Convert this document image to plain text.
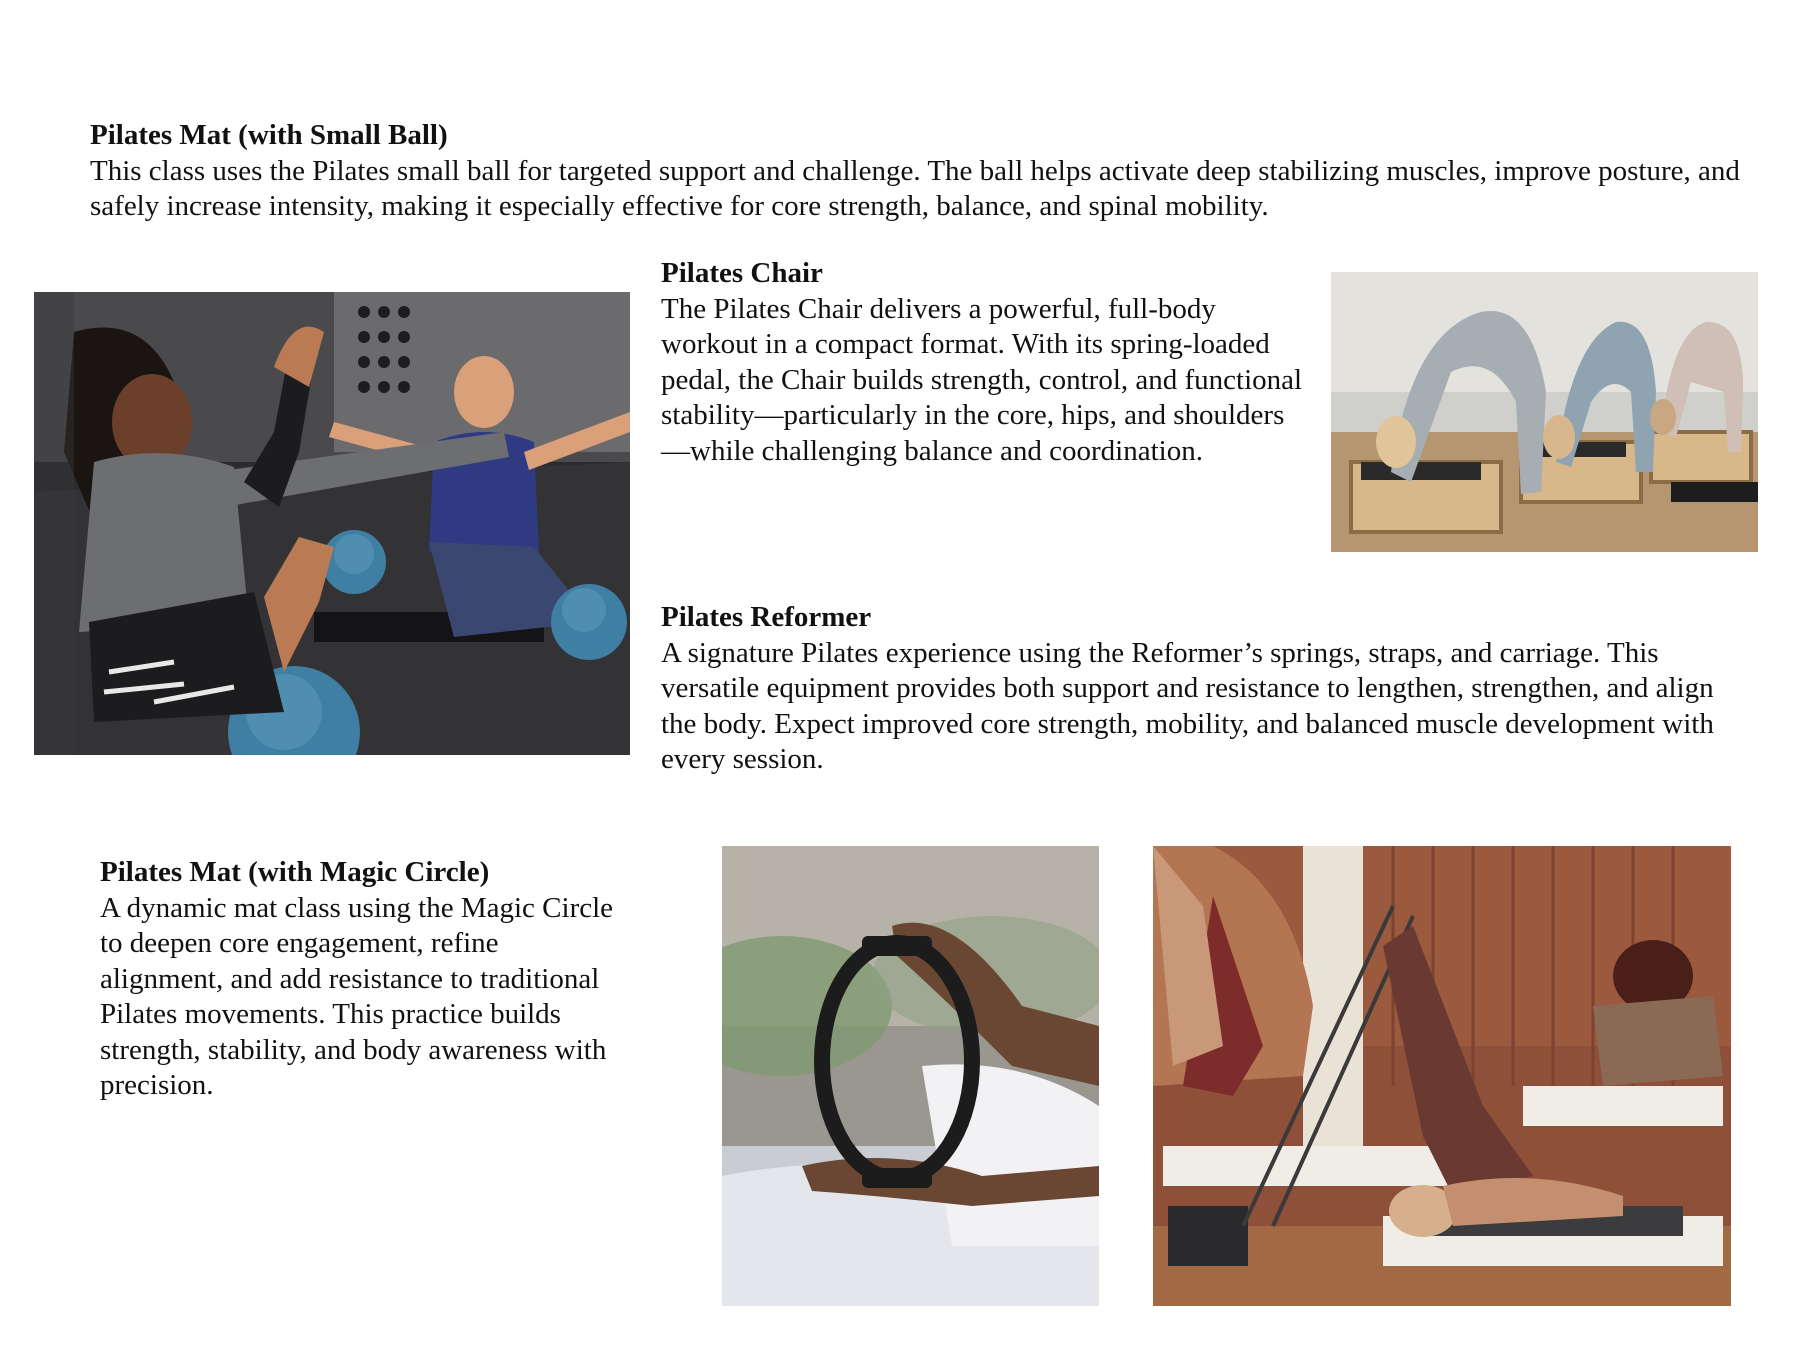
Pilates Mat (with Small Ball)

This class uses the Pilates small ball for targeted support and challenge. The ball helps activate deep stabilizing muscles, improve posture, and safely increase intensity, making it especially effective for core strength, balance, and spinal mobility.

Pilates Chair

The Pilates Chair delivers a powerful, full-body workout in a compact format. With its spring-loaded pedal, the Chair builds strength, control, and functional stability—particularly in the core, hips, and shoulders—while challenging balance and coordination.

Pilates Reformer

A signature Pilates experience using the Reformer’s springs, straps, and carriage. This versatile equipment provides both support and resistance to lengthen, strengthen, and align the body. Expect improved core strength, mobility, and balanced muscle development with every session.

Pilates Mat (with Magic Circle)

A dynamic mat class using the Magic Circle to deepen core engagement, refine alignment, and add resistance to traditional Pilates movements. This practice builds strength, stability, and body awareness with precision.
